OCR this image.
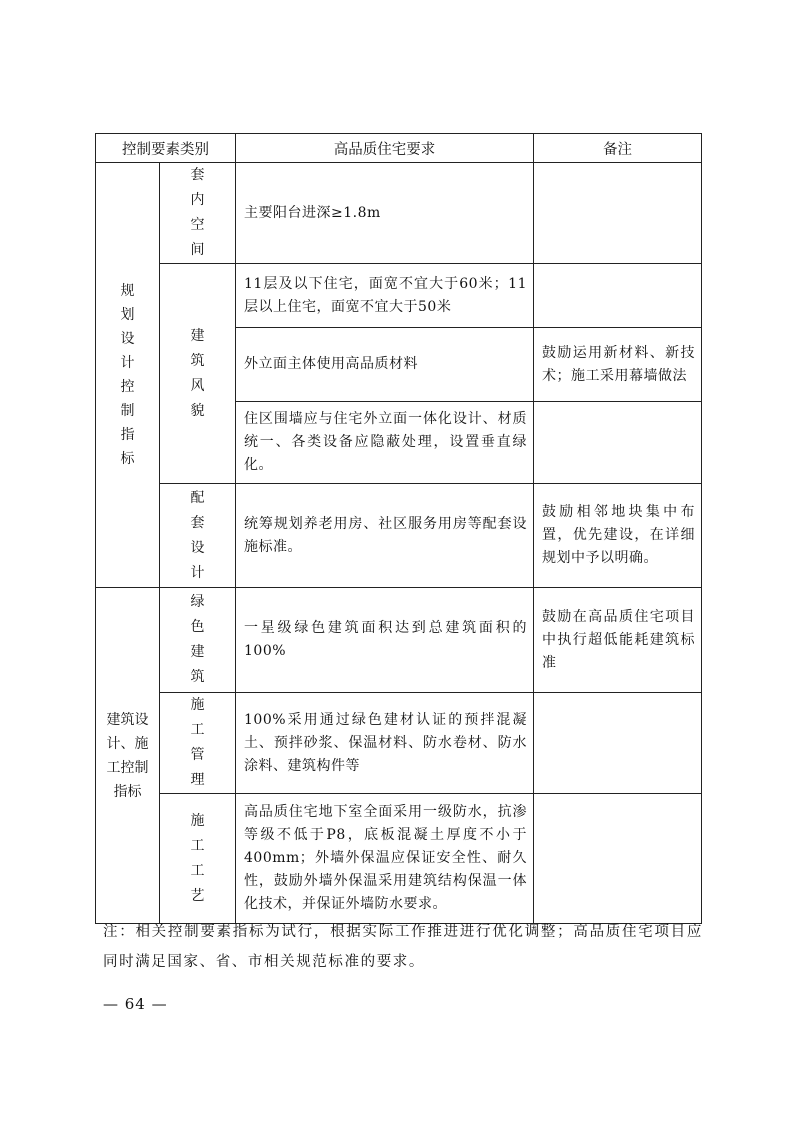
控制要素类别		高品质住宅要求	备注

规划设计控制指标	套内空间	主要阳台进深≥1.8m	

	建筑风貌	11层及以下住宅，面宽不宜大于60米；11层以上住宅，面宽不宜大于50米	

		外立面主体使用高品质材料	鼓励运用新材料、新技术；施工采用幕墙做法

		住区围墙应与住宅外立面一体化设计、材质统一、各类设备应隐蔽处理，设置垂直绿化。	

	配套设计	统筹规划养老用房、社区服务用房等配套设施标准。	鼓励相邻地块集中布置，优先建设，在详细规划中予以明确。

建筑设计、施工控制指标	绿色建筑	一星级绿色建筑面积达到总建筑面积的100%	鼓励在高品质住宅项目中执行超低能耗建筑标准

	施工管理	100%采用通过绿色建材认证的预拌混凝土、预拌砂浆、保温材料、防水卷材、防水涂料、建筑构件等	

	施工工艺	高品质住宅地下室全面采用一级防水，抗渗等级不低于P8，底板混凝土厚度不小于400mm；外墙外保温应保证安全性、耐久性，鼓励外墙外保温采用建筑结构保温一体化技术，并保证外墙防水要求。	

注：相关控制要素指标为试行，根据实际工作推进进行优化调整；高品质住宅项目应同时满足国家、省、市相关规范标准的要求。
— 64 —
